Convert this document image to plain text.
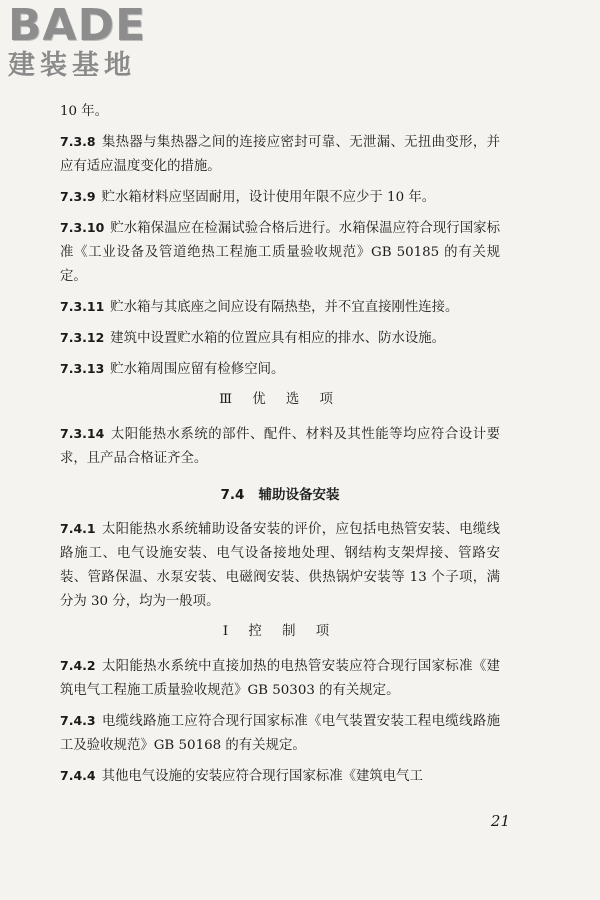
BADE
建装基地

10 年。

7.3.8 集热器与集热器之间的连接应密封可靠、无泄漏、无扭曲变形，并应有适应温度变化的措施。

7.3.9 贮水箱材料应坚固耐用，设计使用年限不应少于 10 年。

7.3.10 贮水箱保温应在检漏试验合格后进行。水箱保温应符合现行国家标准《工业设备及管道绝热工程施工质量验收规范》GB 50185 的有关规定。

7.3.11 贮水箱与其底座之间应设有隔热垫，并不宜直接刚性连接。

7.3.12 建筑中设置贮水箱的位置应具有相应的排水、防水设施。

7.3.13 贮水箱周围应留有检修空间。

Ⅲ 优 选 项

7.3.14 太阳能热水系统的部件、配件、材料及其性能等均应符合设计要求，且产品合格证齐全。

7.4 辅助设备安装

7.4.1 太阳能热水系统辅助设备安装的评价，应包括电热管安装、电缆线路施工、电气设施安装、电气设备接地处理、钢结构支架焊接、管路安装、管路保温、水泵安装、电磁阀安装、供热锅炉安装等 13 个子项，满分为 30 分，均为一般项。

Ⅰ 控 制 项

7.4.2 太阳能热水系统中直接加热的电热管安装应符合现行国家标准《建筑电气工程施工质量验收规范》GB 50303 的有关规定。

7.4.3 电缆线路施工应符合现行国家标准《电气装置安装工程电缆线路施工及验收规范》GB 50168 的有关规定。

7.4.4 其他电气设施的安装应符合现行国家标准《建筑电气工

21
